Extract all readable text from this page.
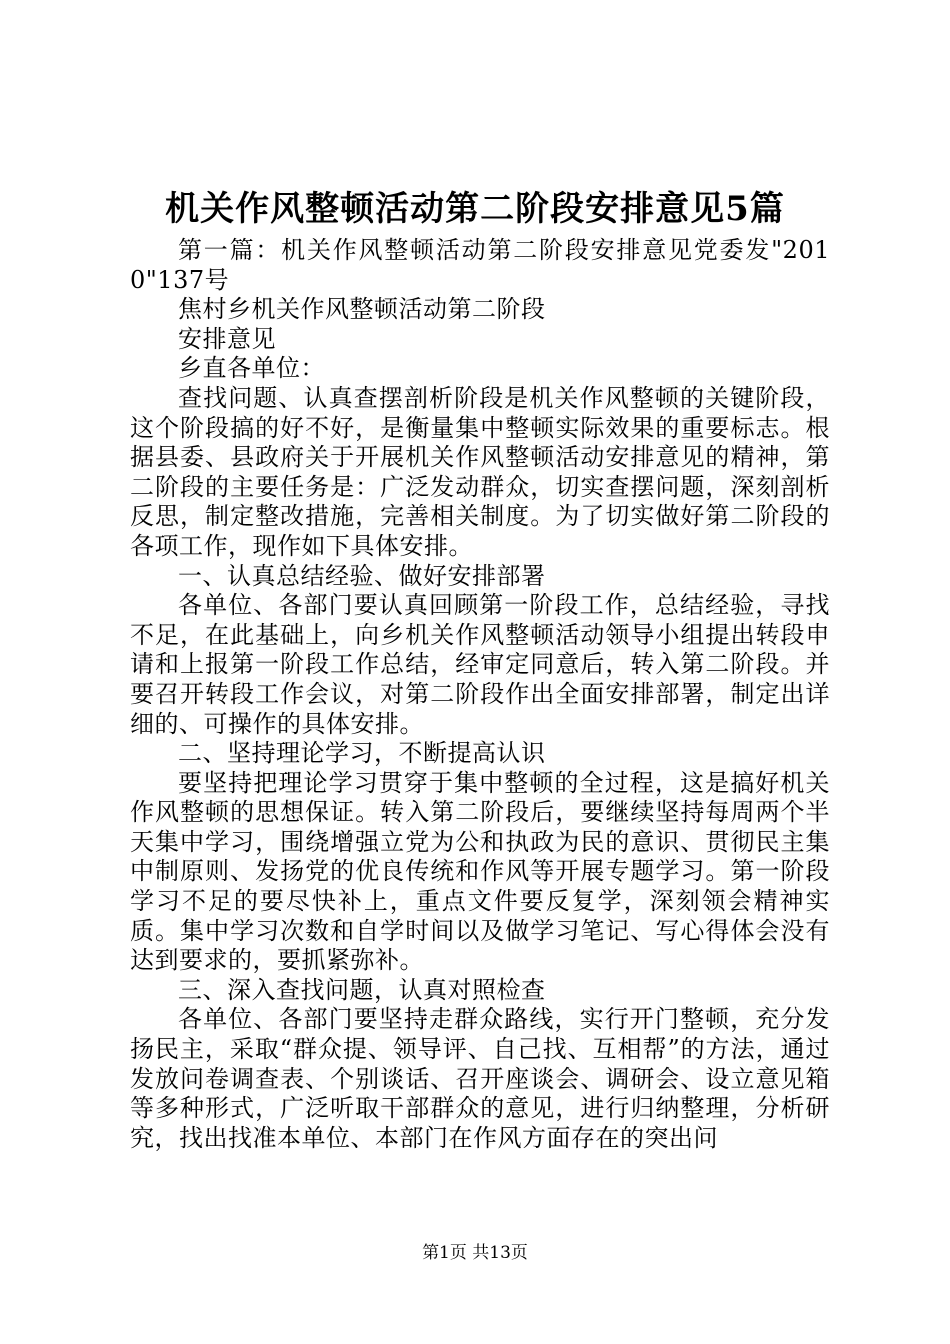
机关作风整顿活动第二阶段安排意见5篇

第一篇：机关作风整顿活动第二阶段安排意见党委发"2010"137号

焦村乡机关作风整顿活动第二阶段

安排意见

乡直各单位：

查找问题、认真查摆剖析阶段是机关作风整顿的关键阶段，这个阶段搞的好不好，是衡量集中整顿实际效果的重要标志。根据县委、县政府关于开展机关作风整顿活动安排意见的精神，第二阶段的主要任务是：广泛发动群众，切实查摆问题，深刻剖析反思，制定整改措施，完善相关制度。为了切实做好第二阶段的各项工作，现作如下具体安排。

一、认真总结经验、做好安排部署

各单位、各部门要认真回顾第一阶段工作，总结经验，寻找不足，在此基础上，向乡机关作风整顿活动领导小组提出转段申请和上报第一阶段工作总结，经审定同意后，转入第二阶段。并要召开转段工作会议，对第二阶段作出全面安排部署，制定出详细的、可操作的具体安排。

二、坚持理论学习，不断提高认识

要坚持把理论学习贯穿于集中整顿的全过程，这是搞好机关作风整顿的思想保证。转入第二阶段后，要继续坚持每周两个半天集中学习，围绕增强立党为公和执政为民的意识、贯彻民主集中制原则、发扬党的优良传统和作风等开展专题学习。第一阶段学习不足的要尽快补上，重点文件要反复学，深刻领会精神实质。集中学习次数和自学时间以及做学习笔记、写心得体会没有达到要求的，要抓紧弥补。

三、深入查找问题，认真对照检查

各单位、各部门要坚持走群众路线，实行开门整顿，充分发扬民主，采取“群众提、领导评、自己找、互相帮”的方法，通过发放问卷调查表、个别谈话、召开座谈会、调研会、设立意见箱等多种形式，广泛听取干部群众的意见，进行归纳整理，分析研究，找出找准本单位、本部门在作风方面存在的突出问

第1页 共13页
